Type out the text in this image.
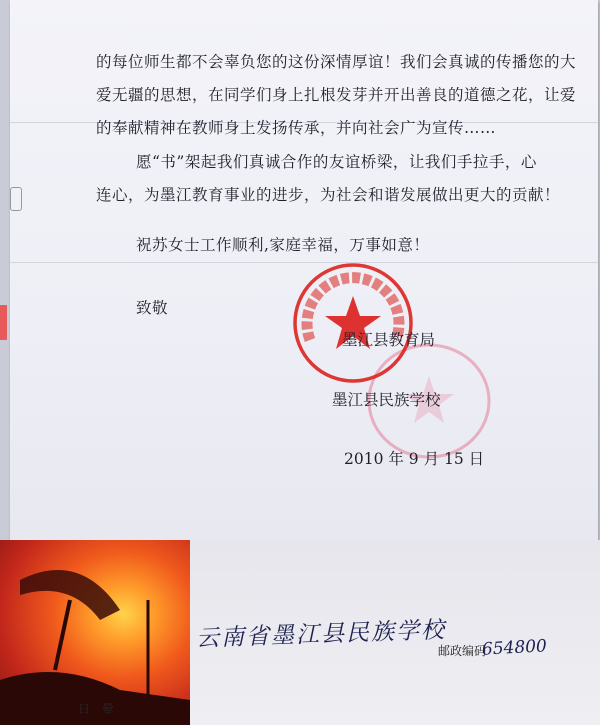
的每位师生都不会辜负您的这份深情厚谊！我们会真诚的传播您的大
爱无疆的思想，在同学们身上扎根发芽并开出善良的道德之花，让爱
的奉献精神在教师身上发扬传承，并向社会广为宣传……
愿“书”架起我们真诚合作的友谊桥梁，让我们手拉手，心
连心，为墨江教育事业的进步，为社会和谐发展做出更大的贡献！
祝苏女士工作顺利,家庭幸福，万事如意！
致敬
墨江县教育局
墨江县民族学校
2010 年 9 月 15 日
云南省墨江县民族学校
邮政编码
654800
日 晕
